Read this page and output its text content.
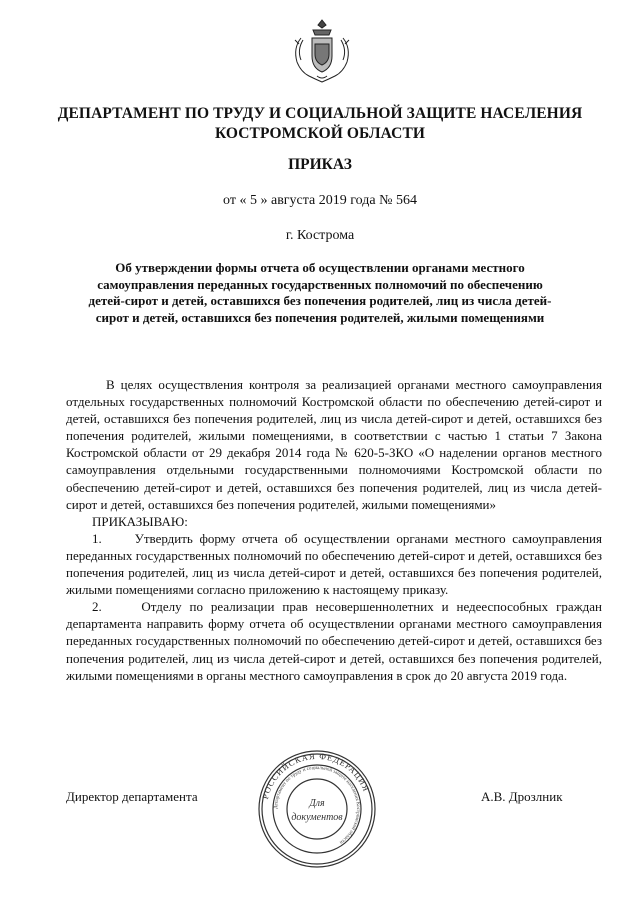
ДЕПАРТАМЕНТ ПО ТРУДУ И СОЦИАЛЬНОЙ ЗАЩИТЕ НАСЕЛЕНИЯ
КОСТРОМСКОЙ ОБЛАСТИ
ПРИКАЗ
от « 5 » августа 2019 года № 564
г. Кострома
Об утверждении формы отчета об осуществлении органами местного самоуправления переданных государственных полномочий по обеспечению детей-сирот и детей, оставшихся без попечения родителей, лиц из числа детей-сирот и детей, оставшихся без попечения родителей, жилыми помещениями

В целях осуществления контроля за реализацией органами местного самоуправления отдельных государственных полномочий Костромской области по обеспечению детей-сирот и детей, оставшихся без попечения родителей, лиц из числа детей-сирот и детей, оставшихся без попечения родителей, жилыми помещениями, в соответствии с частью 1 статьи 7 Закона Костромской области от 29 декабря 2014 года № 620-5-ЗКО «О наделении органов местного самоуправления отдельными государственными полномочиями Костромской области по обеспечению детей-сирот и детей, оставшихся без попечения родителей, лиц из числа детей-сирот и детей, оставшихся без попечения родителей, жилыми помещениями»

ПРИКАЗЫВАЮ:

1.     Утвердить форму отчета об осуществлении органами местного самоуправления переданных государственных полномочий по обеспечению детей-сирот и детей, оставшихся без попечения родителей, лиц из числа детей-сирот и детей, оставшихся без попечения родителей, жилыми помещениями согласно приложению к настоящему приказу.

2.     Отделу по реализации прав несовершеннолетних и недееспособных граждан департамента направить форму отчета об осуществлении органами местного самоуправления переданных государственных полномочий по обеспечению детей-сирот и детей, оставшихся без попечения родителей, лиц из числа детей-сирот и детей, оставшихся без попечения родителей, жилыми помещениями в органы местного самоуправления в срок до 20 августа 2019 года.

Директор департамента	А.В. Дрозлник
РОССИЙСКАЯ ФЕДЕРАЦИЯ
Департамент по труду и социальной защите населения Костромской области
Для
документов
